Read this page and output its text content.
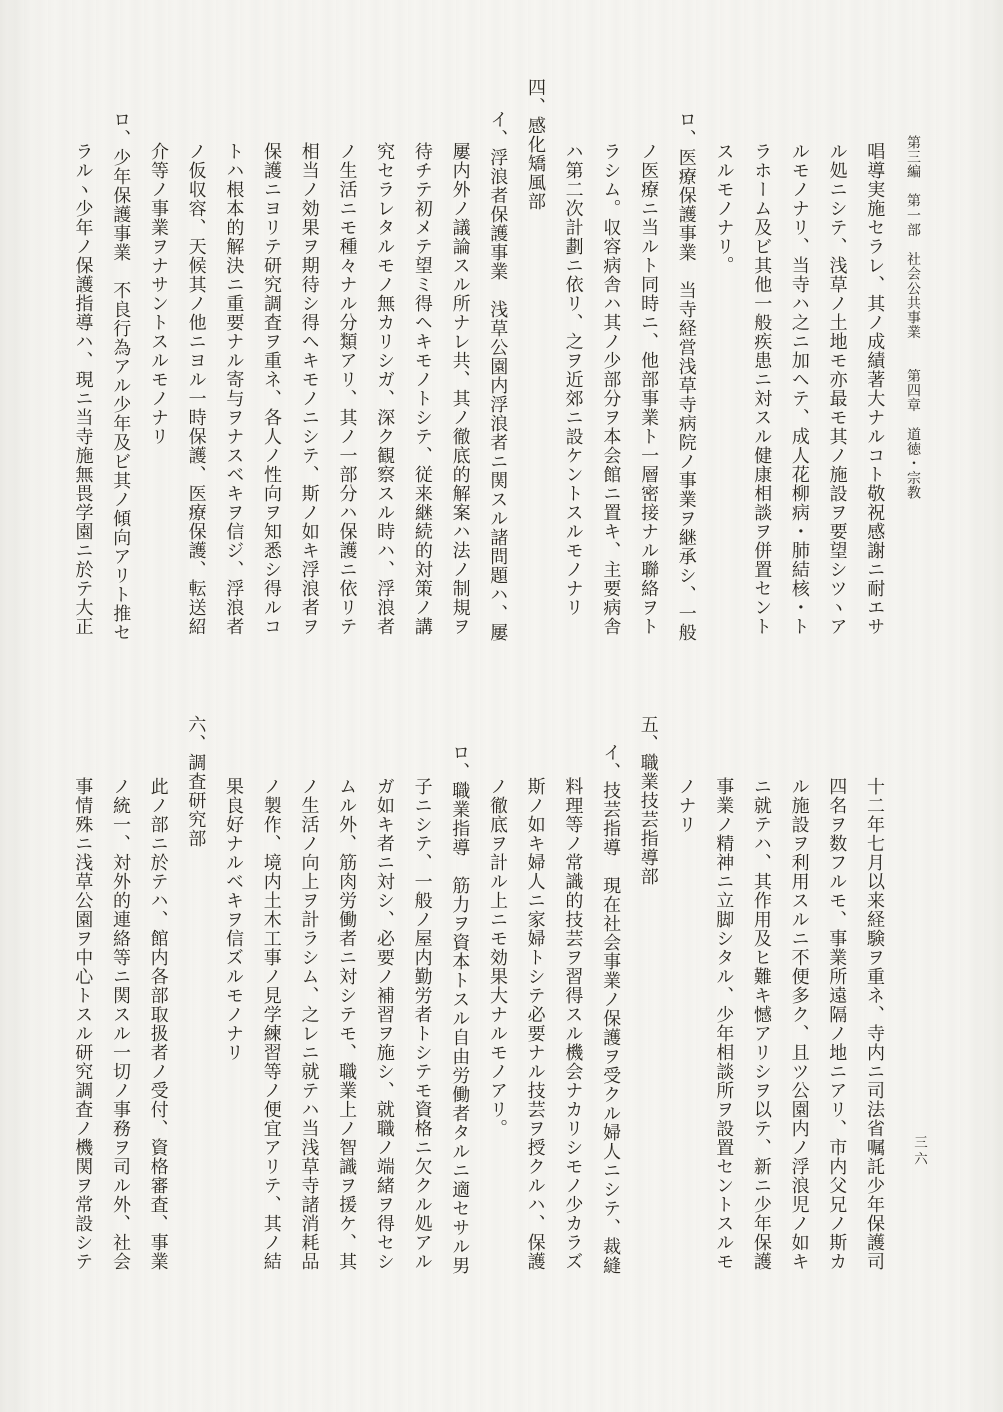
第三編　第一部　社会公共事業　　第四章　道徳・宗教
唱導実施セラレ、其ノ成績著大ナルコト敬祝感謝ニ耐エサ
ル処ニシテ、浅草ノ土地モ亦最モ其ノ施設ヲ要望シツヽア
ルモノナリ、当寺ハ之ニ加ヘテ、成人花柳病・肺結核・ト
ラホーム及ビ其他一般疾患ニ対スル健康相談ヲ併置セント
スルモノナリ。
ロ、医療保護事業　当寺経営浅草寺病院ノ事業ヲ継承シ、一般
ノ医療ニ当ルト同時ニ、他部事業ト一層密接ナル聯絡ヲト
ラシム。収容病舎ハ其ノ少部分ヲ本会館ニ置キ、主要病舎
ハ第二次計劃ニ依リ、之ヲ近郊ニ設ケントスルモノナリ
四、感化矯風部
イ、浮浪者保護事業　浅草公園内浮浪者ニ関スル諸問題ハ、屢
屢内外ノ議論スル所ナレ共、其ノ徹底的解案ハ法ノ制規ヲ
待チテ初メテ望ミ得ヘキモノトシテ、従来継続的対策ノ講
究セラレタルモノ無カリシガ、深ク観察スル時ハ、浮浪者
ノ生活ニモ種々ナル分類アリ、其ノ一部分ハ保護ニ依リテ
相当ノ効果ヲ期待シ得ヘキモノニシテ、斯ノ如キ浮浪者ヲ
保護ニヨリテ研究調査ヲ重ネ、各人ノ性向ヲ知悉シ得ルコ
トハ根本的解決ニ重要ナル寄与ヲナスベキヲ信ジ、浮浪者
ノ仮収容、天候其ノ他ニヨル一時保護、医療保護、転送紹
介等ノ事業ヲナサントスルモノナリ
ロ、少年保護事業　不良行為アル少年及ビ其ノ傾向アリト推セ
ラルヽ少年ノ保護指導ハ、現ニ当寺施無畏学園ニ於テ大正
十二年七月以来経験ヲ重ネ、寺内ニ司法省嘱託少年保護司
四名ヲ数フルモ、事業所遠隔ノ地ニアリ、市内父兄ノ斯カ
ル施設ヲ利用スルニ不便多ク、且ツ公園内ノ浮浪児ノ如キ
ニ就テハ、其作用及ヒ難キ憾アリシヲ以テ、新ニ少年保護
事業ノ精神ニ立脚シタル、少年相談所ヲ設置セントスルモ
ノナリ
五、職業技芸指導部
イ、技芸指導　現在社会事業ノ保護ヲ受クル婦人ニシテ、裁縫
料理等ノ常識的技芸ヲ習得スル機会ナカリシモノ少カラズ
斯ノ如キ婦人ニ家婦トシテ必要ナル技芸ヲ授クルハ、保護
ノ徹底ヲ計ル上ニモ効果大ナルモノアリ。
ロ、職業指導　筋力ヲ資本トスル自由労働者タルニ適セサル男
子ニシテ、一般ノ屋内勤労者トシテモ資格ニ欠クル処アル
ガ如キ者ニ対シ、必要ノ補習ヲ施シ、就職ノ端緒ヲ得セシ
ムル外、筋肉労働者ニ対シテモ、職業上ノ智識ヲ援ケ、其
ノ生活ノ向上ヲ計ラシム、之レニ就テハ当浅草寺諸消耗品
ノ製作、境内土木工事ノ見学練習等ノ便宜アリテ、其ノ結
果良好ナルベキヲ信ズルモノナリ
六、調査研究部
此ノ部ニ於テハ、館内各部取扱者ノ受付、資格審査、事業
ノ統一、対外的連絡等ニ関スル一切ノ事務ヲ司ル外、社会
事情殊ニ浅草公園ヲ中心トスル研究調査ノ機関ヲ常設シテ	三六
